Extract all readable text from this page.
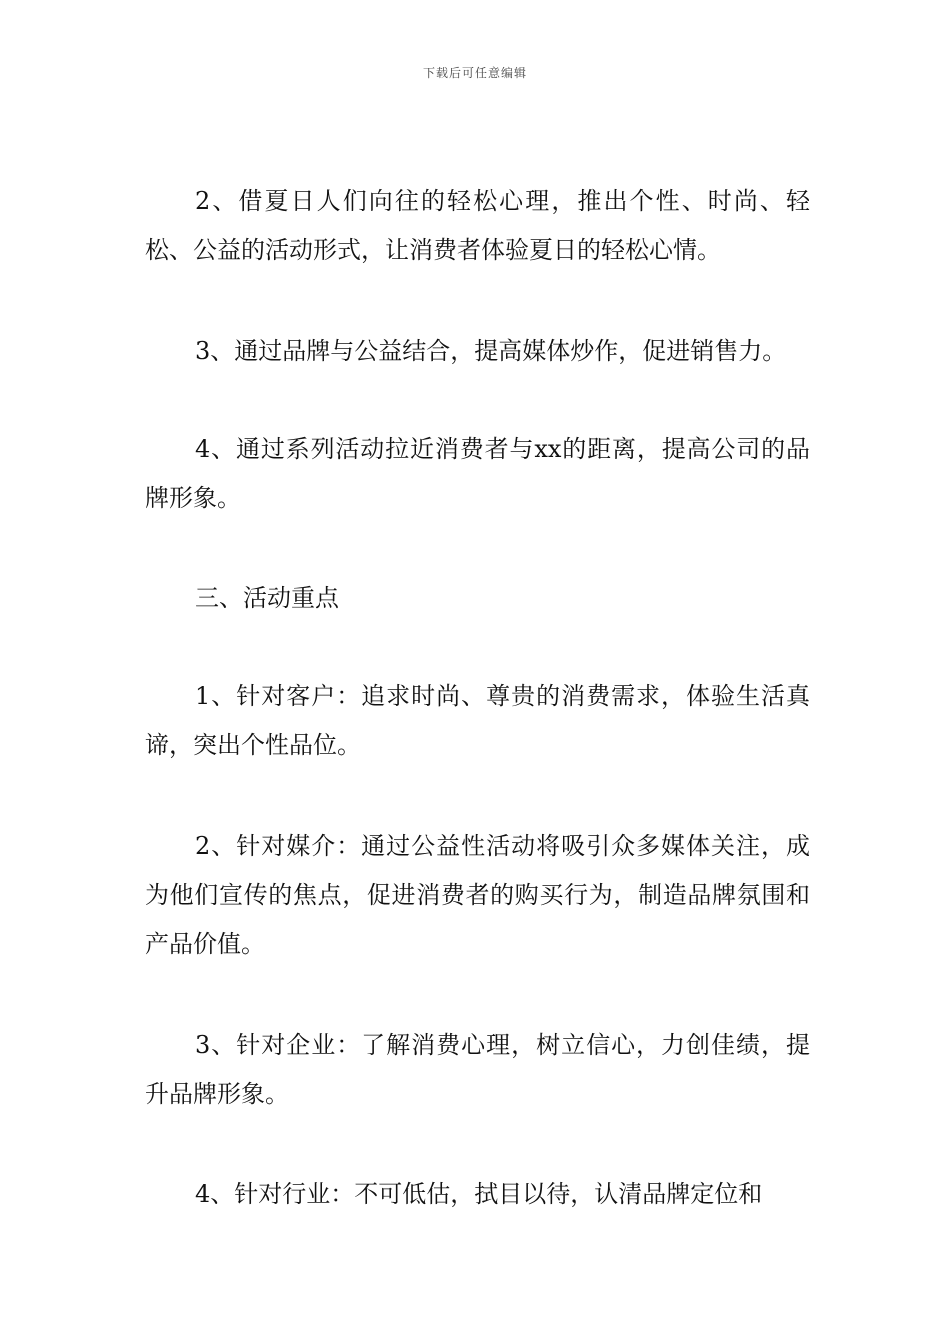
下载后可任意编辑

2、借夏日人们向往的轻松心理，推出个性、时尚、轻松、公益的活动形式，让消费者体验夏日的轻松心情。

3、通过品牌与公益结合，提高媒体炒作，促进销售力。

4、通过系列活动拉近消费者与xx的距离，提高公司的品牌形象。

三、活动重点

1、针对客户：追求时尚、尊贵的消费需求，体验生活真谛，突出个性品位。

2、针对媒介：通过公益性活动将吸引众多媒体关注，成为他们宣传的焦点，促进消费者的购买行为，制造品牌氛围和产品价值。

3、针对企业：了解消费心理，树立信心，力创佳绩，提升品牌形象。

4、针对行业：不可低估，拭目以待，认清品牌定位和
